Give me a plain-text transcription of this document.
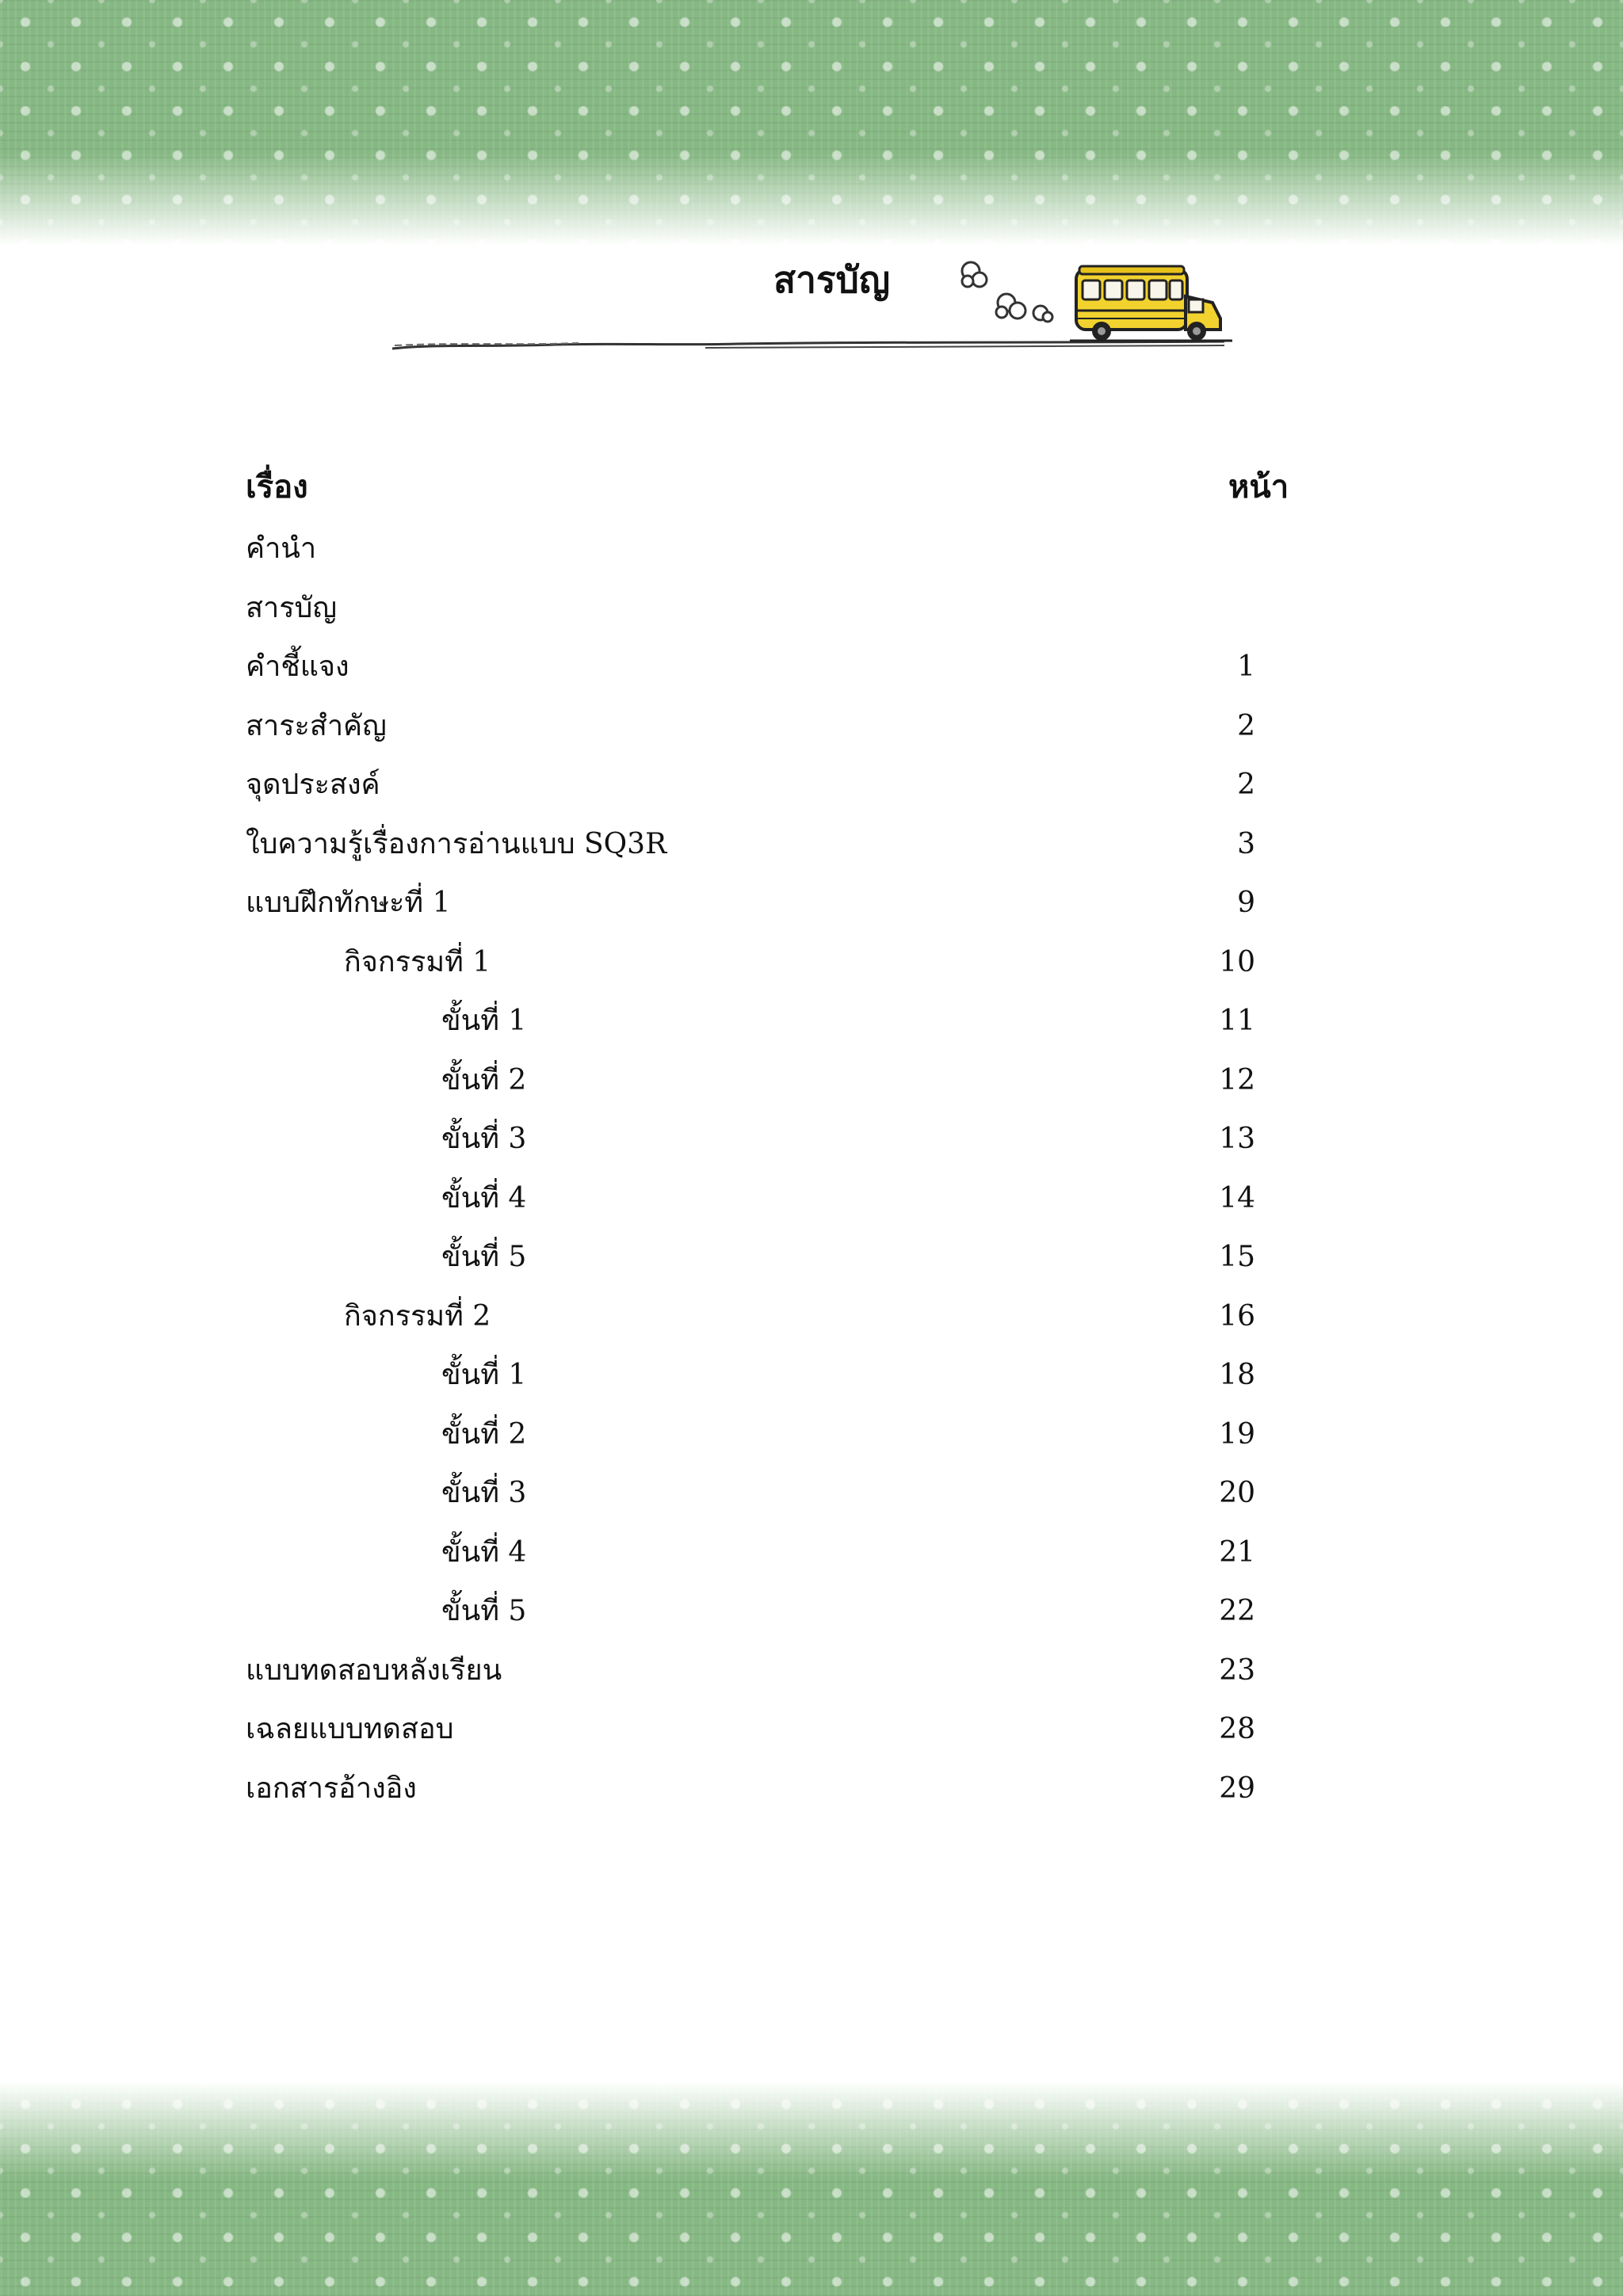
สารบัญ
เรื่อง	หน้า
คำนำ
สารบัญ
คำชี้แจง	1
สาระสำคัญ	2
จุดประสงค์	2
ใบความรู้เรื่องการอ่านแบบ SQ3R	3
แบบฝึกทักษะที่ 1	9
กิจกรรมที่ 1	10
ขั้นที่ 1	11
ขั้นที่ 2	12
ขั้นที่ 3	13
ขั้นที่ 4	14
ขั้นที่ 5	15
กิจกรรมที่ 2	16
ขั้นที่ 1	18
ขั้นที่ 2	19
ขั้นที่ 3	20
ขั้นที่ 4	21
ขั้นที่ 5	22
แบบทดสอบหลังเรียน	23
เฉลยแบบทดสอบ	28
เอกสารอ้างอิง	29
